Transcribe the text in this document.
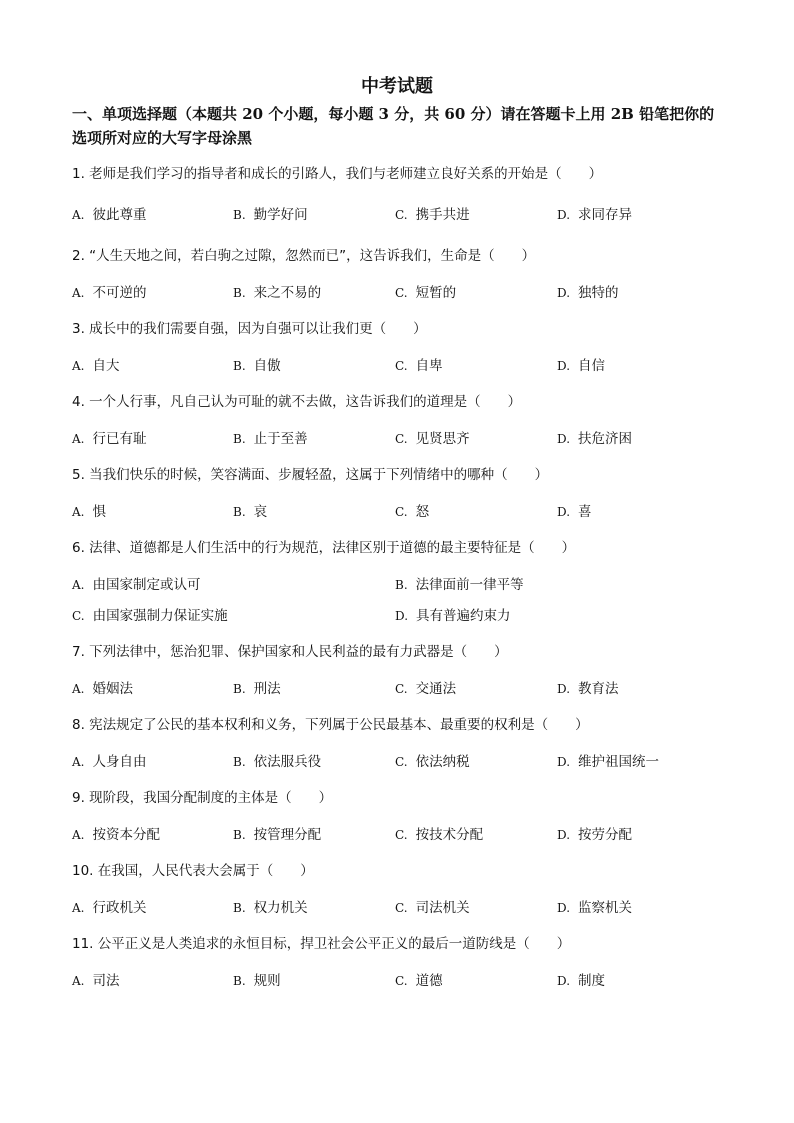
中考试题
一、单项选择题（本题共 20 个小题，每小题 3 分，共 60 分）请在答题卡上用 2B 铅笔把你的
选项所对应的大写字母涂黑
1. 老师是我们学习的指导者和成长的引路人，我们与老师建立良好关系的开始是（　　）
A. 彼此尊重	B. 勤学好问	C. 携手共进	D. 求同存异
2. “人生天地之间，若白驹之过隙，忽然而已”，这告诉我们，生命是（　　）
A. 不可逆的	B. 来之不易的	C. 短暂的	D. 独特的
3. 成长中的我们需要自强，因为自强可以让我们更（　　）
A. 自大	B. 自傲	C. 自卑	D. 自信
4. 一个人行事，凡自己认为可耻的就不去做，这告诉我们的道理是（　　）
A. 行已有耻	B. 止于至善	C. 见贤思齐	D. 扶危济困
5. 当我们快乐的时候，笑容满面、步履轻盈，这属于下列情绪中的哪种（　　）
A. 惧	B. 哀	C. 怒	D. 喜
6. 法律、道德都是人们生活中的行为规范，法律区别于道德的最主要特征是（　　）
A. 由国家制定或认可	B. 法律面前一律平等
C. 由国家强制力保证实施	D. 具有普遍约束力
7. 下列法律中，惩治犯罪、保护国家和人民利益的最有力武器是（　　）
A. 婚姻法	B. 刑法	C. 交通法	D. 教育法
8. 宪法规定了公民的基本权利和义务，下列属于公民最基本、最重要的权利是（　　）
A. 人身自由	B. 依法服兵役	C. 依法纳税	D. 维护祖国统一
9. 现阶段，我国分配制度的主体是（　　）
A. 按资本分配	B. 按管理分配	C. 按技术分配	D. 按劳分配
10. 在我国，人民代表大会属于（　　）
A. 行政机关	B. 权力机关	C. 司法机关	D. 监察机关
11. 公平正义是人类追求的永恒目标，捍卫社会公平正义的最后一道防线是（　　）
A. 司法	B. 规则	C. 道德	D. 制度
